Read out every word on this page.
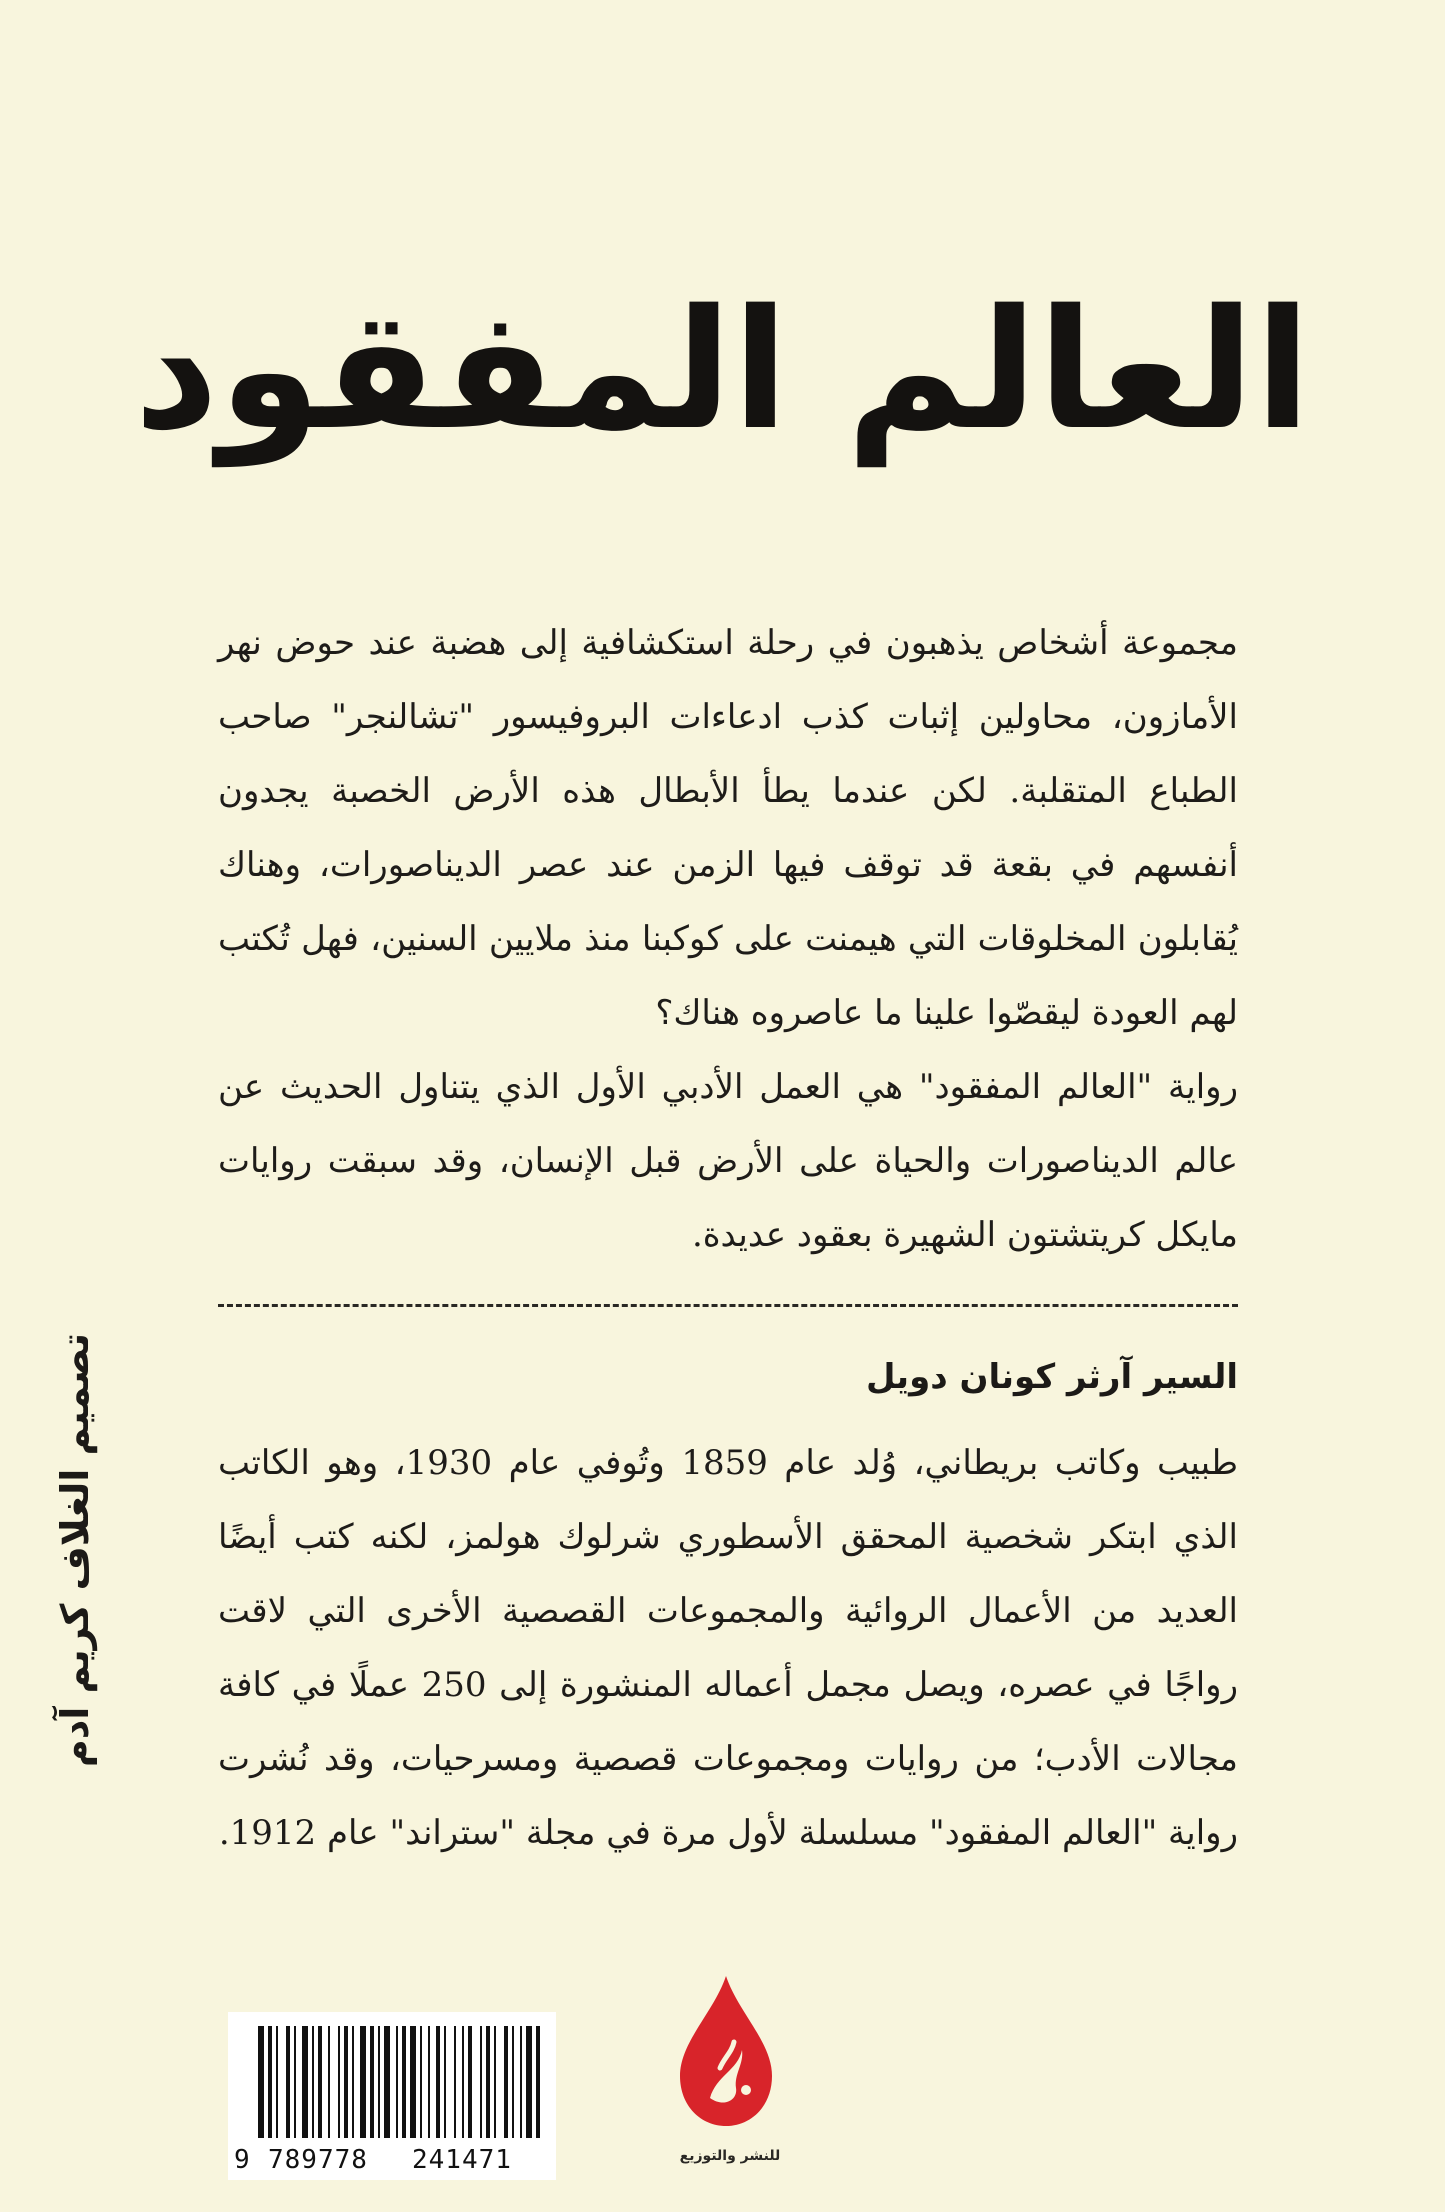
العالم المفقود

مجموعة أشخاص يذهبون في رحلة استكشافية إلى هضبة عند حوض نهر الأمازون، محاولين إثبات كذب ادعاءات البروفيسور "تشالنجر" صاحب الطباع المتقلبة. لكن عندما يطأ الأبطال هذه الأرض الخصبة يجدون أنفسهم في بقعة قد توقف فيها الزمن عند عصر الديناصورات، وهناك يُقابلون المخلوقات التي هيمنت على كوكبنا منذ ملايين السنين، فهل تُكتب لهم العودة ليقصّوا علينا ما عاصروه هناك؟

رواية "العالم المفقود" هي العمل الأدبي الأول الذي يتناول الحديث عن عالم الديناصورات والحياة على الأرض قبل الإنسان، وقد سبقت روايات مايكل كريتشتون الشهيرة بعقود عديدة.

السير آرثر كونان دويل

طبيب وكاتب بريطاني، وُلد عام 1859 وتُوفي عام 1930، وهو الكاتب الذي ابتكر شخصية المحقق الأسطوري شرلوك هولمز، لكنه كتب أيضًا العديد من الأعمال الروائية والمجموعات القصصية الأخرى التي لاقت رواجًا في عصره، ويصل مجمل أعماله المنشورة إلى 250 عملًا في كافة مجالات الأدب؛ من روايات ومجموعات قصصية ومسرحيات، وقد نُشرت رواية "العالم المفقود" مسلسلة لأول مرة في مجلة "ستراند" عام 1912.

تصميم الغلاف كريم آدم
9 789778 241471	للنشر والتوزيع
